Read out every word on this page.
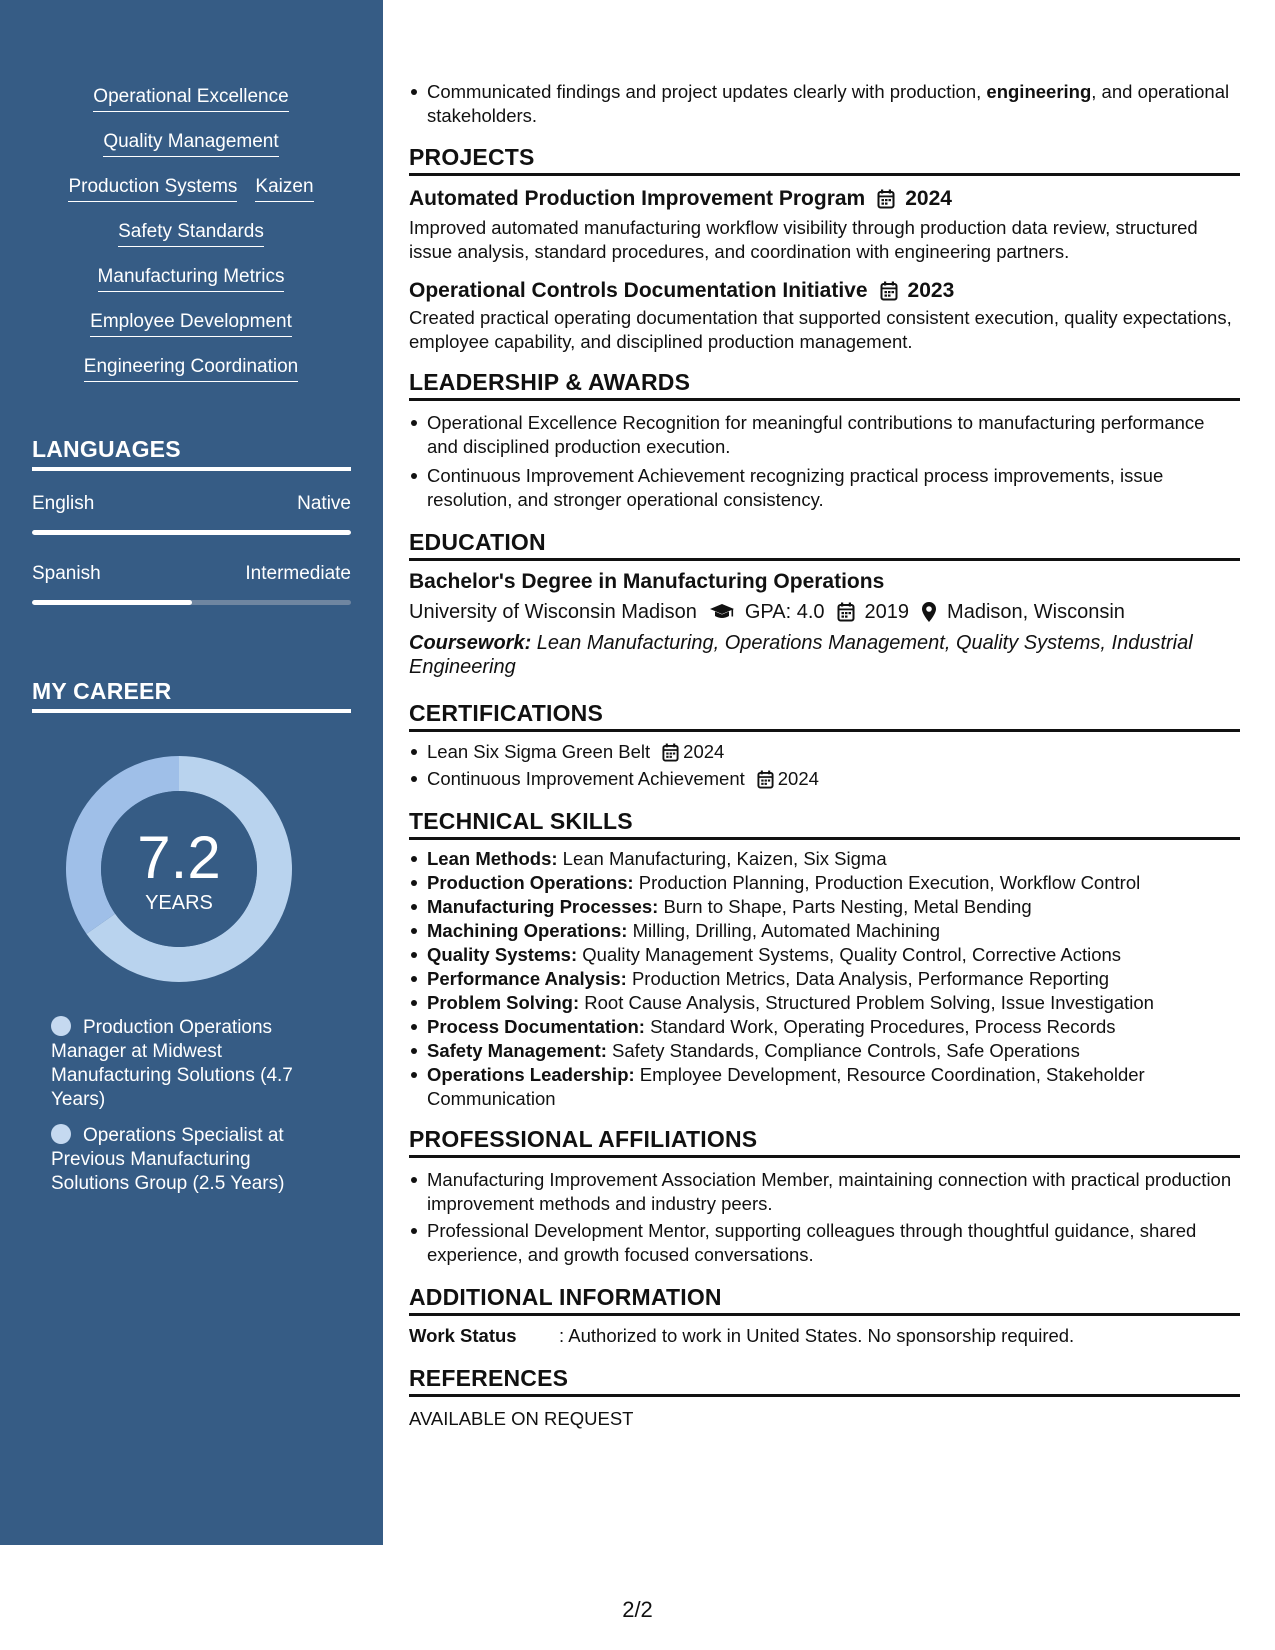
Operational Excellence
Quality Management
Production Systems Kaizen
Safety Standards
Manufacturing Metrics
Employee Development
Engineering Coordination
LANGUAGES
English	Native
Spanish	Intermediate
MY CAREER
7.2
YEARS
Production Operations Manager at Midwest Manufacturing Solutions (4.7 Years)
Operations Specialist at Previous Manufacturing Solutions Group (2.5 Years)
Communicated findings and project updates clearly with production, engineering, and operational stakeholders.
PROJECTS
Automated Production Improvement Program 2024

Improved automated manufacturing workflow visibility through production data review, structured issue analysis, standard procedures, and coordination with engineering partners.

Operational Controls Documentation Initiative 2023

Created practical operating documentation that supported consistent execution, quality expectations, employee capability, and disciplined production management.

LEADERSHIP & AWARDS
Operational Excellence Recognition for meaningful contributions to manufacturing performance and disciplined production execution.
Continuous Improvement Achievement recognizing practical process improvements, issue resolution, and stronger operational consistency.
EDUCATION
Bachelor's Degree in Manufacturing Operations
University of Wisconsin Madison GPA: 4.0 2019 Madison, Wisconsin

Coursework: Lean Manufacturing, Operations Management, Quality Systems, Industrial Engineering

CERTIFICATIONS
Lean Six Sigma Green Belt 2024
Continuous Improvement Achievement 2024
TECHNICAL SKILLS
Lean Methods: Lean Manufacturing, Kaizen, Six Sigma
Production Operations: Production Planning, Production Execution, Workflow Control
Manufacturing Processes: Burn to Shape, Parts Nesting, Metal Bending
Machining Operations: Milling, Drilling, Automated Machining
Quality Systems: Quality Management Systems, Quality Control, Corrective Actions
Performance Analysis: Production Metrics, Data Analysis, Performance Reporting
Problem Solving: Root Cause Analysis, Structured Problem Solving, Issue Investigation
Process Documentation: Standard Work, Operating Procedures, Process Records
Safety Management: Safety Standards, Compliance Controls, Safe Operations
Operations Leadership: Employee Development, Resource Coordination, Stakeholder Communication
PROFESSIONAL AFFILIATIONS
Manufacturing Improvement Association Member, maintaining connection with practical production improvement methods and industry peers.
Professional Development Mentor, supporting colleagues through thoughtful guidance, shared experience, and growth focused conversations.
ADDITIONAL INFORMATION
Work Status	: Authorized to work in United States. No sponsorship required.
REFERENCES

AVAILABLE ON REQUEST

2/2
